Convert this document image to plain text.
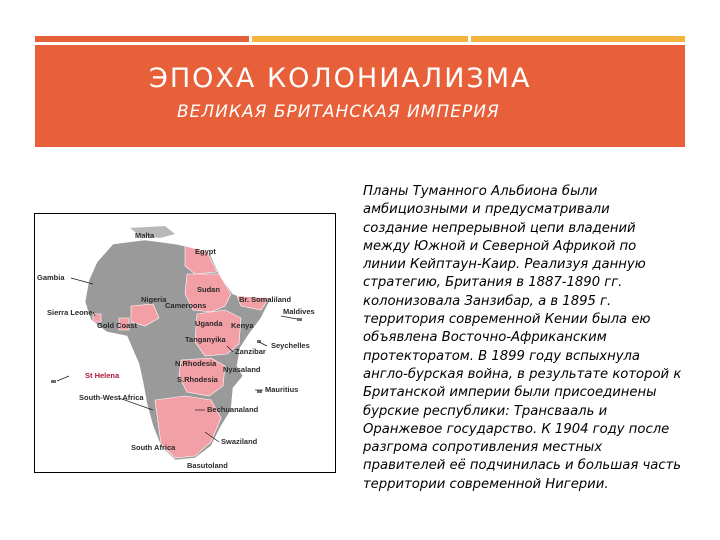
ЭПОХА КОЛОНИАЛИЗМА
ВЕЛИКАЯ БРИТАНСКАЯ ИМПЕРИЯ
Malta
Egypt
Gambia
Sudan
Br. Somaliland
Nigeria
Cameroons
Sierra Leone
Gold Coast	Uganda Kenya
Maldives
Tanganyika
Zanzibar
Seychelles
N.Rhodesia
Nyasaland
St Helena	S.Rhodesia
Mauritius
South-West Africa
Bechuanaland
Swaziland
South Africa
Basutoland
Планы Туманного Альбиона были
амбициозными и предусматривали
создание непрерывной цепи владений
между Южной и Северной Африкой по
линии Кейптаун-Каир. Реализуя данную
стратегию, Британия в 1887-1890 гг.
колонизовала Занзибар, а в 1895 г.
территория современной Кении была ею
объявлена Восточно-Африканским
протекторатом. В 1899 году вспыхнула
англо-бурская война, в результате которой к
Британской империи были присоединены
бурские республики: Трансвааль и
Оранжевое государство. К 1904 году после
разгрома сопротивления местных
правителей её подчинилась и большая часть
территории современной Нигерии.
